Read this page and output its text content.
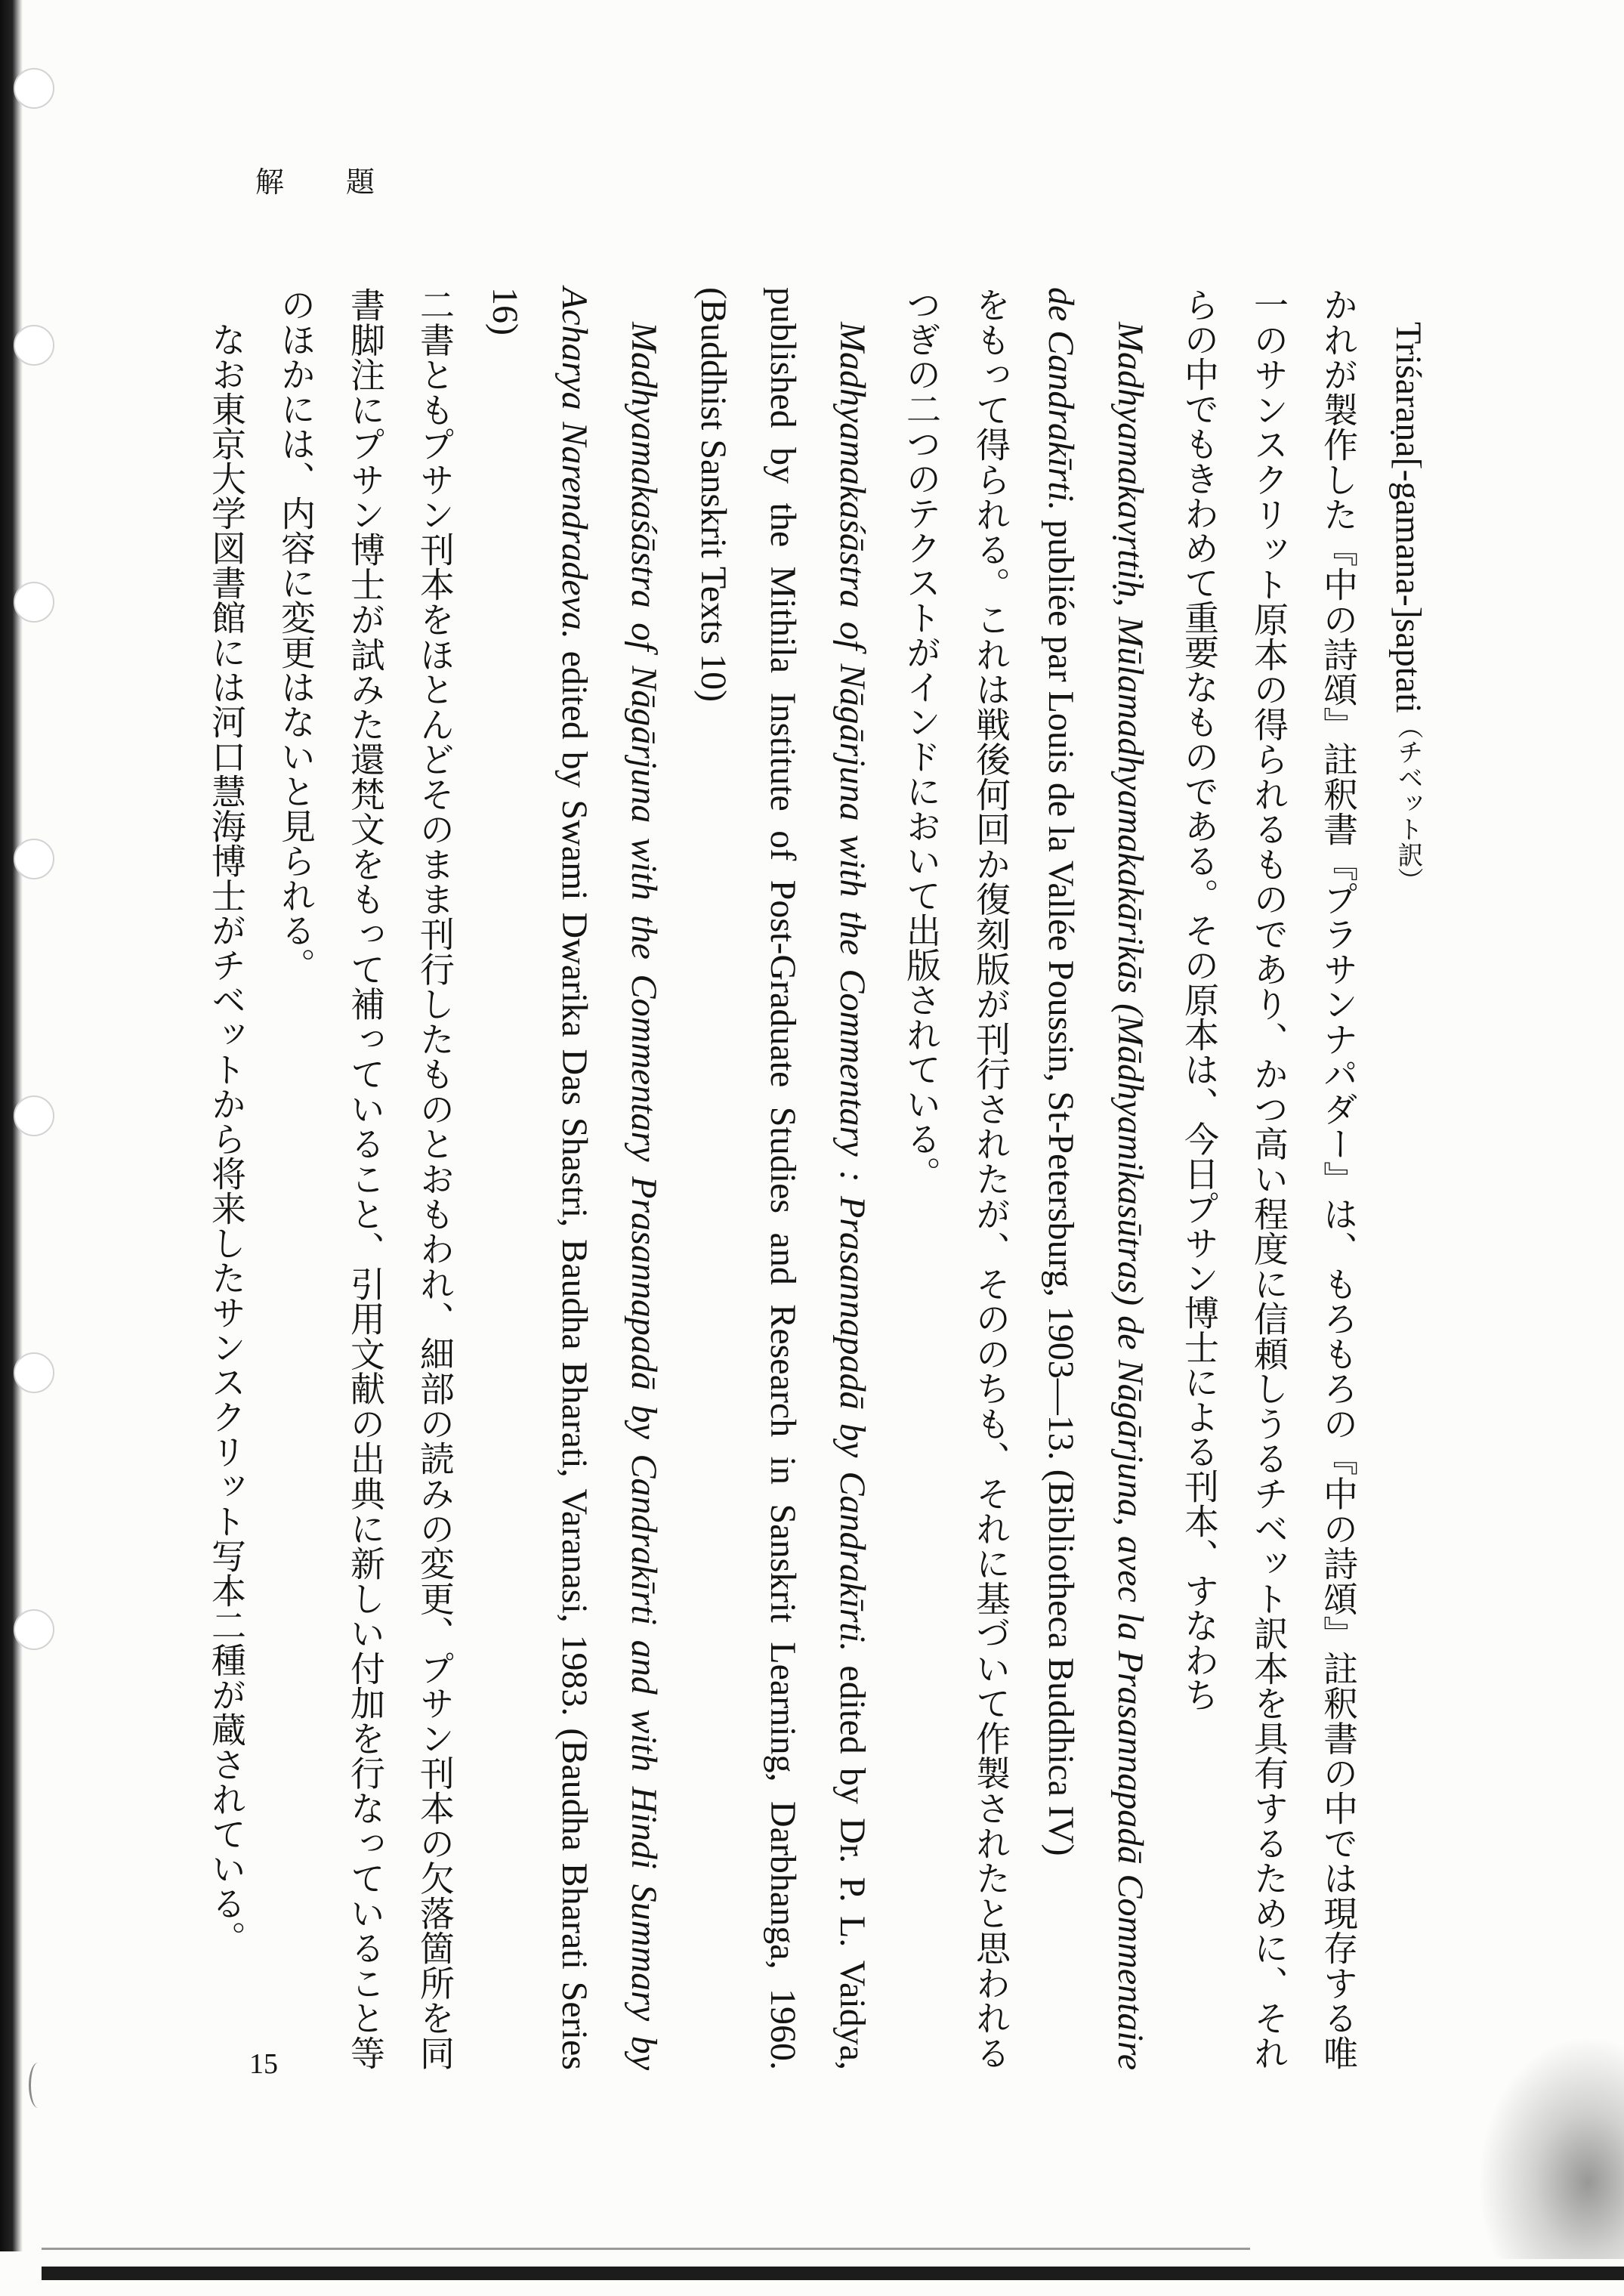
解 題
15

Triśaraṇa[-gamana-]saptati（チベット訳）

かれが製作した『中の詩頌』註釈書『プラサンナパダー』は、もろもろの『中の詩頌』註釈書の中では現存する唯一のサンスクリット原本の得られるものであり、かつ高い程度に信頼しうるチベット訳本を具有するために、それらの中でもきわめて重要なものである。その原本は、今日プサン博士による刊本、すなわち

Madhyamakavṛttiḥ, Mūlamadhyamakakārikās (Mādhyamikasūtras) de Nāgārjuna, avec la Prasannapadā Commentaire de Candrakīrti. publiée par Louis de la Vallée Poussin, St-Petersburg, 1903―13. (Bibliotheca Buddhica IV)

をもって得られる。これは戦後何回か復刻版が刊行されたが、そののちも、それに基づいて作製されたと思われるつぎの二つのテクストがインドにおいて出版されている。

Madhyamakaśāstra of Nāgārjuna with the Commentary : Prasannapadā by Candrakīrti. edited by Dr. P. L. Vaidya, published by the Mithila Institute of Post-Graduate Studies and Research in Sanskrit Learning, Darbhanga, 1960. (Buddhist Sanskrit Texts 10)

Madhyamakaśāstra of Nāgārjuna with the Commentary Prasannapadā by Candrakīrti and with Hindi Summary by Acharya Narendradeva. edited by Swami Dwarika Das Shastri, Baudha Bharati, Varanasi, 1983. (Baudha Bharati Series 16)

二書ともプサン刊本をほとんどそのまま刊行したものとおもわれ、細部の読みの変更、プサン刊本の欠落箇所を同書脚注にプサン博士が試みた還梵文をもって補っていること、引用文献の出典に新しい付加を行なっていること等のほかには、内容に変更はないと見られる。

なお東京大学図書館には河口慧海博士がチベットから将来したサンスクリット写本二種が蔵されている。
